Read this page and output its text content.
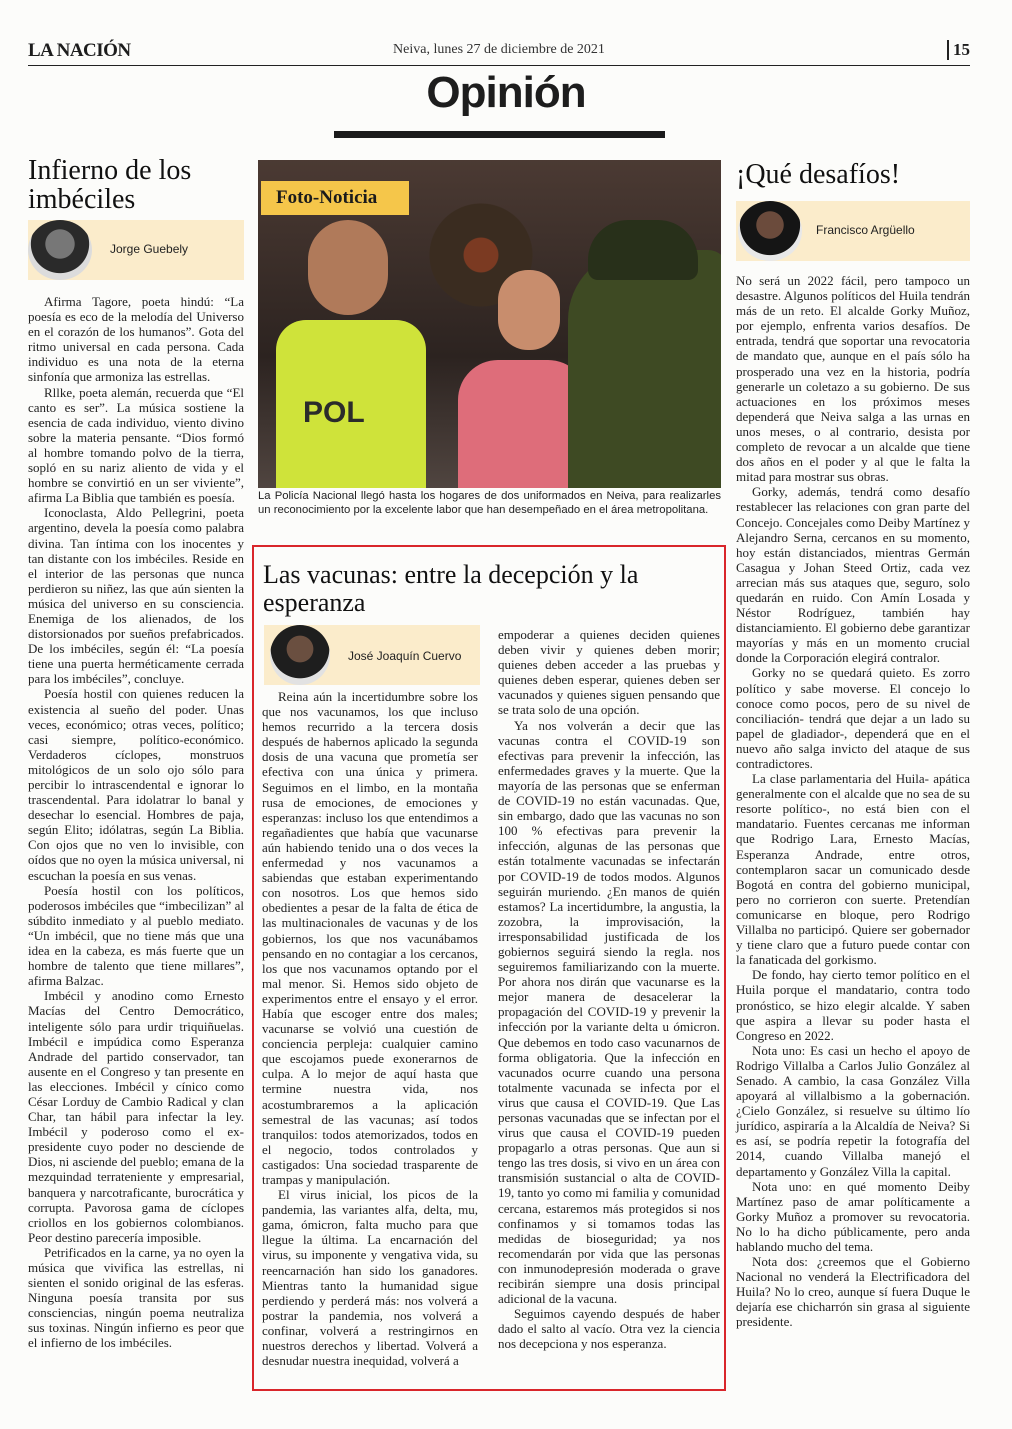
LA NACIÓN	Neiva, lunes 27 de diciembre de 2021	15
Opinión
Infierno de los imbéciles
Jorge Guebely

Afirma Tagore, poeta hindú: “La poesía es eco de la melodía del Universo en el corazón de los humanos”. Gota del ritmo universal en cada persona. Cada individuo es una nota de la eterna sinfonía que armoniza las estrellas.

Rllke, poeta alemán, recuerda que “El canto es ser”. La música sostiene la esencia de cada individuo, viento divino sobre la materia pensante. “Dios formó al hombre tomando polvo de la tierra, sopló en su nariz aliento de vida y el hombre se convirtió en un ser viviente”, afirma La Biblia que también es poesía.

Iconoclasta, Aldo Pellegrini, poeta argentino, devela la poesía como palabra divina. Tan íntima con los inocentes y tan distante con los imbéciles. Reside en el interior de las personas que nunca perdieron su niñez, las que aún sienten la música del universo en su consciencia. Enemiga de los alienados, de los distorsionados por sueños prefabricados. De los imbéciles, según él: “La poesía tiene una puerta herméticamente cerrada para los imbéciles”, concluye.

Poesía hostil con quienes reducen la existencia al sueño del poder. Unas veces, económico; otras veces, político; casi siempre, político-económico. Verdaderos cíclopes, monstruos mitológicos de un solo ojo sólo para percibir lo intrascendental e ignorar lo trascendental. Para idolatrar lo banal y desechar lo esencial. Hombres de paja, según Elito; idólatras, según La Biblia. Con ojos que no ven lo invisible, con oídos que no oyen la música universal, ni escuchan la poesía en sus venas.

Poesía hostil con los políticos, poderosos imbéciles que “imbecilizan” al súbdito inmediato y al pueblo mediato. “Un imbécil, que no tiene más que una idea en la cabeza, es más fuerte que un hombre de talento que tiene millares”, afirma Balzac.

Imbécil y anodino como Ernesto Macías del Centro Democrático, inteligente sólo para urdir triquiñuelas. Imbécil e impúdica como Esperanza Andrade del partido conservador, tan ausente en el Congreso y tan presente en las elecciones. Imbécil y cínico como César Lorduy de Cambio Radical y clan Char, tan hábil para infectar la ley. Imbécil y poderoso como el ex-presidente cuyo poder no desciende de Dios, ni asciende del pueblo; emana de la mezquindad terrateniente y empresarial, banquera y narcotraficante, burocrática y corrupta. Pavorosa gama de cíclopes criollos en los gobiernos colombianos. Peor destino parecería imposible.

Petrificados en la carne, ya no oyen la música que vivifica las estrellas, ni sienten el sonido original de las esferas. Ninguna poesía transita por sus consciencias, ningún poema neutraliza sus toxinas. Ningún infierno es peor que el infierno de los imbéciles.

POL
Foto-Noticia
La Policía Nacional llegó hasta los hogares de dos uniformados en Neiva, para realizarles un reconocimiento por la excelente labor que han desempeñado en el área metropolitana.
Las vacunas: entre la decepción y la esperanza
José Joaquín Cuervo

Reina aún la incertidumbre sobre los que nos vacunamos, los que incluso hemos recurrido a la tercera dosis después de habernos aplicado la segunda dosis de una vacuna que prometía ser efectiva con una única y primera. Seguimos en el limbo, en la montaña rusa de emociones, de emociones y esperanzas: incluso los que entendimos a regañadientes que había que vacunarse aún habiendo tenido una o dos veces la enfermedad y nos vacunamos a sabiendas que estaban experimentando con nosotros. Los que hemos sido obedientes a pesar de la falta de ética de las multinacionales de vacunas y de los gobiernos, los que nos vacunábamos pensando en no contagiar a los cercanos, los que nos vacunamos optando por el mal menor. Si. Hemos sido objeto de experimentos entre el ensayo y el error. Había que escoger entre dos males; vacunarse se volvió una cuestión de conciencia perpleja: cualquier camino que escojamos puede exonerarnos de culpa. A lo mejor de aquí hasta que termine nuestra vida, nos acostumbraremos a la aplicación semestral de las vacunas; así todos tranquilos: todos atemorizados, todos en el negocio, todos controlados y castigados: Una sociedad trasparente de trampas y manipulación.

El virus inicial, los picos de la pandemia, las variantes alfa, delta, mu, gama, ómicron, falta mucho para que llegue la última. La encarnación del virus, su imponente y vengativa vida, su reencarnación han sido los ganadores. Mientras tanto la humanidad sigue perdiendo y perderá más: nos volverá a postrar la pandemia, nos volverá a confinar, volverá a restringirnos en nuestros derechos y libertad. Volverá a desnudar nuestra inequidad, volverá a

empoderar a quienes deciden quienes deben vivir y quienes deben morir; quienes deben acceder a las pruebas y quienes deben esperar, quienes deben ser vacunados y quienes siguen pensando que se trata solo de una opción.

Ya nos volverán a decir que las vacunas contra el COVID-19 son efectivas para prevenir la infección, las enfermedades graves y la muerte. Que la mayoría de las personas que se enferman de COVID-19 no están vacunadas. Que, sin embargo, dado que las vacunas no son 100 % efectivas para prevenir la infección, algunas de las personas que están totalmente vacunadas se infectarán por COVID-19 de todos modos. Algunos seguirán muriendo. ¿En manos de quién estamos? La incertidumbre, la angustia, la zozobra, la improvisación, la irresponsabilidad justificada de los gobiernos seguirá siendo la regla. nos seguiremos familiarizando con la muerte. Por ahora nos dirán que vacunarse es la mejor manera de desacelerar la propagación del COVID-19 y prevenir la infección por la variante delta u ómicron. Que debemos en todo caso vacunarnos de forma obligatoria. Que la infección en vacunados ocurre cuando una persona totalmente vacunada se infecta por el virus que causa el COVID-19. Que Las personas vacunadas que se infectan por el virus que causa el COVID-19 pueden propagarlo a otras personas. Que aun si tengo las tres dosis, si vivo en un área con transmisión sustancial o alta de COVID-19, tanto yo como mi familia y comunidad cercana, estaremos más protegidos si nos confinamos y si tomamos todas las medidas de bioseguridad; ya nos recomendarán por vida que las personas con inmunodepresión moderada o grave recibirán siempre una dosis principal adicional de la vacuna.

Seguimos cayendo después de haber dado el salto al vacío. Otra vez la ciencia nos decepciona y nos esperanza.

¡Qué desafíos!
Francisco Argüello

No será un 2022 fácil, pero tampoco un desastre. Algunos políticos del Huila tendrán más de un reto. El alcalde Gorky Muñoz, por ejemplo, enfrenta varios desafíos. De entrada, tendrá que soportar una revocatoria de mandato que, aunque en el país sólo ha prosperado una vez en la historia, podría generarle un coletazo a su gobierno. De sus actuaciones en los próximos meses dependerá que Neiva salga a las urnas en unos meses, o al contrario, desista por completo de revocar a un alcalde que tiene dos años en el poder y al que le falta la mitad para mostrar sus obras.

Gorky, además, tendrá como desafío restablecer las relaciones con gran parte del Concejo. Concejales como Deiby Martínez y Alejandro Serna, cercanos en su momento, hoy están distanciados, mientras Germán Casagua y Johan Steed Ortiz, cada vez arrecian más sus ataques que, seguro, solo quedarán en ruido. Con Amín Losada y Néstor Rodríguez, también hay distanciamiento. El gobierno debe garantizar mayorías y más en un momento crucial donde la Corporación elegirá contralor.

Gorky no se quedará quieto. Es zorro político y sabe moverse. El concejo lo conoce como pocos, pero de su nivel de conciliación- tendrá que dejar a un lado su papel de gladiador-, dependerá que en el nuevo año salga invicto del ataque de sus contradictores.

La clase parlamentaria del Huila- apática generalmente con el alcalde que no sea de su resorte político-, no está bien con el mandatario. Fuentes cercanas me informan que Rodrigo Lara, Ernesto Macías, Esperanza Andrade, entre otros, contemplaron sacar un comunicado desde Bogotá en contra del gobierno municipal, pero no corrieron con suerte. Pretendían comunicarse en bloque, pero Rodrigo Villalba no participó. Quiere ser gobernador y tiene claro que a futuro puede contar con la fanaticada del gorkismo.

De fondo, hay cierto temor político en el Huila porque el mandatario, contra todo pronóstico, se hizo elegir alcalde. Y saben que aspira a llevar su poder hasta el Congreso en 2022.

Nota uno: Es casi un hecho el apoyo de Rodrigo Villalba a Carlos Julio González al Senado. A cambio, la casa González Villa apoyará al villalbismo a la gobernación. ¿Cielo González, si resuelve su último lío jurídico, aspiraría a la Alcaldía de Neiva? Si es así, se podría repetir la fotografía del 2014, cuando Villalba manejó el departamento y González Villa la capital.

Nota uno: en qué momento Deiby Martínez paso de amar políticamente a Gorky Muñoz a promover su revocatoria. No lo ha dicho públicamente, pero anda hablando mucho del tema.

Nota dos: ¿creemos que el Gobierno Nacional no venderá la Electrificadora del Huila? No lo creo, aunque sí fuera Duque le dejaría ese chicharrón sin grasa al siguiente presidente.
